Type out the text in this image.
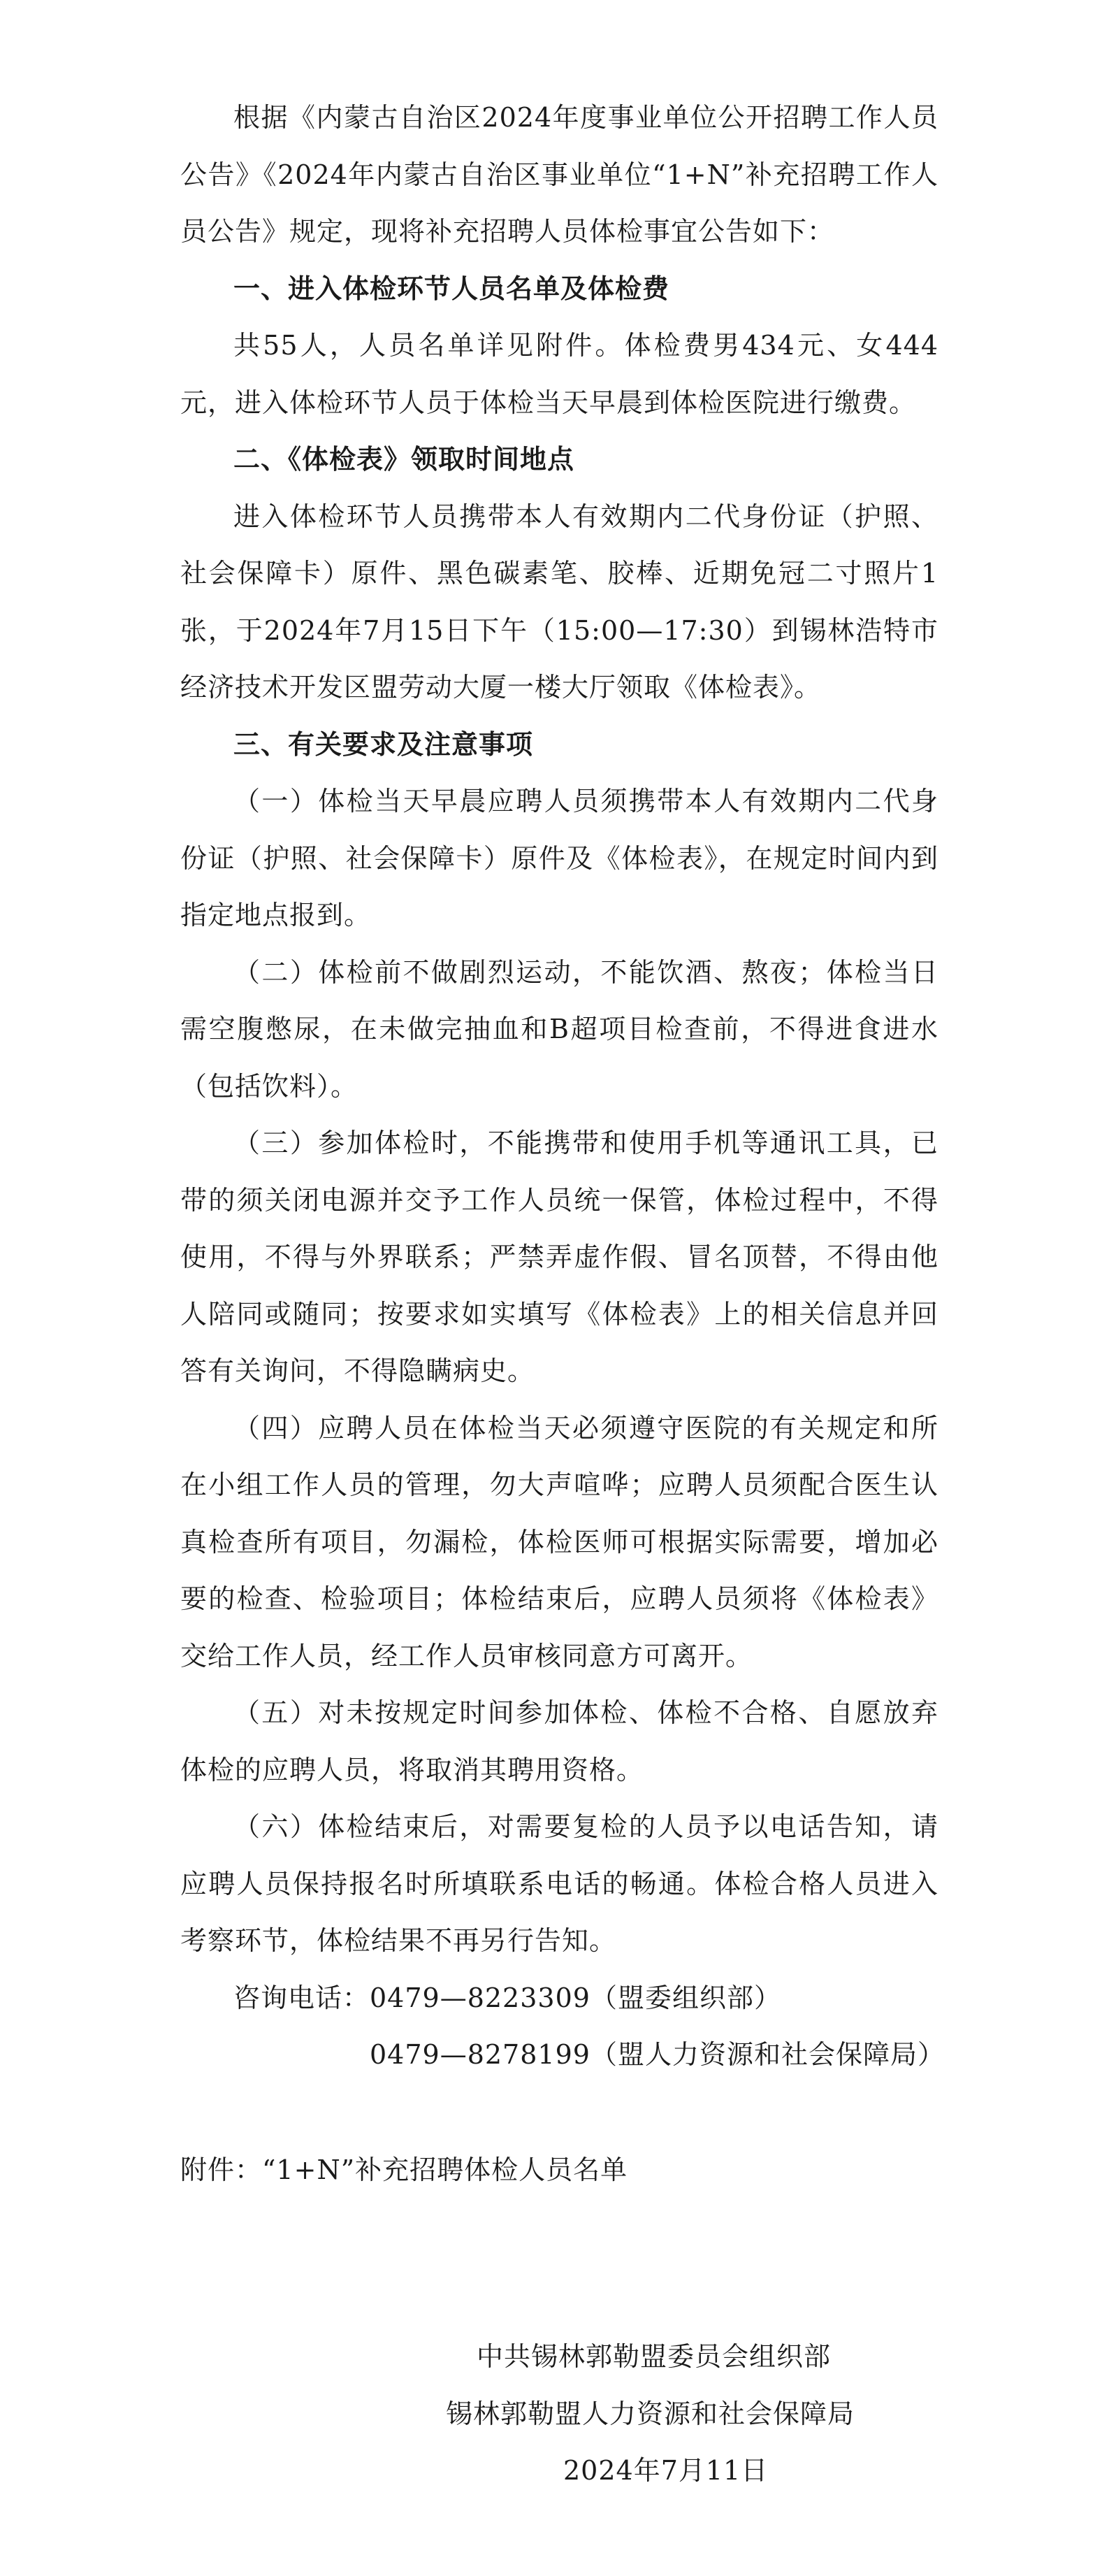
根据《内蒙古自治区2024年度事业单位公开招聘工作人员公告》《2024年内蒙古自治区事业单位“1+N”补充招聘工作人员公告》规定，现将补充招聘人员体检事宜公告如下：

一、进入体检环节人员名单及体检费

共55人，人员名单详见附件。体检费男434元、女444元，进入体检环节人员于体检当天早晨到体检医院进行缴费。

二、《体检表》领取时间地点

进入体检环节人员携带本人有效期内二代身份证（护照、社会保障卡）原件、黑色碳素笔、胶棒、近期免冠二寸照片1张，于2024年7月15日下午（15:00—17:30）到锡林浩特市经济技术开发区盟劳动大厦一楼大厅领取《体检表》。

三、有关要求及注意事项

（一）体检当天早晨应聘人员须携带本人有效期内二代身份证（护照、社会保障卡）原件及《体检表》，在规定时间内到指定地点报到。

（二）体检前不做剧烈运动，不能饮酒、熬夜；体检当日需空腹憋尿，在未做完抽血和B超项目检查前，不得进食进水（包括饮料）。

（三）参加体检时，不能携带和使用手机等通讯工具，已带的须关闭电源并交予工作人员统一保管，体检过程中，不得使用，不得与外界联系；严禁弄虚作假、冒名顶替，不得由他人陪同或随同；按要求如实填写《体检表》上的相关信息并回答有关询问，不得隐瞒病史。

（四）应聘人员在体检当天必须遵守医院的有关规定和所在小组工作人员的管理，勿大声喧哗；应聘人员须配合医生认真检查所有项目，勿漏检，体检医师可根据实际需要，增加必要的检查、检验项目；体检结束后，应聘人员须将《体检表》交给工作人员，经工作人员审核同意方可离开。

（五）对未按规定时间参加体检、体检不合格、自愿放弃体检的应聘人员，将取消其聘用资格。

（六）体检结束后，对需要复检的人员予以电话告知，请应聘人员保持报名时所填联系电话的畅通。体检合格人员进入考察环节，体检结果不再另行告知。

咨询电话：0479—8223309（盟委组织部）

0479—8278199（盟人力资源和社会保障局）

附件：“1+N”补充招聘体检人员名单

中共锡林郭勒盟委员会组织部

锡林郭勒盟人力资源和社会保障局

2024年7月11日
